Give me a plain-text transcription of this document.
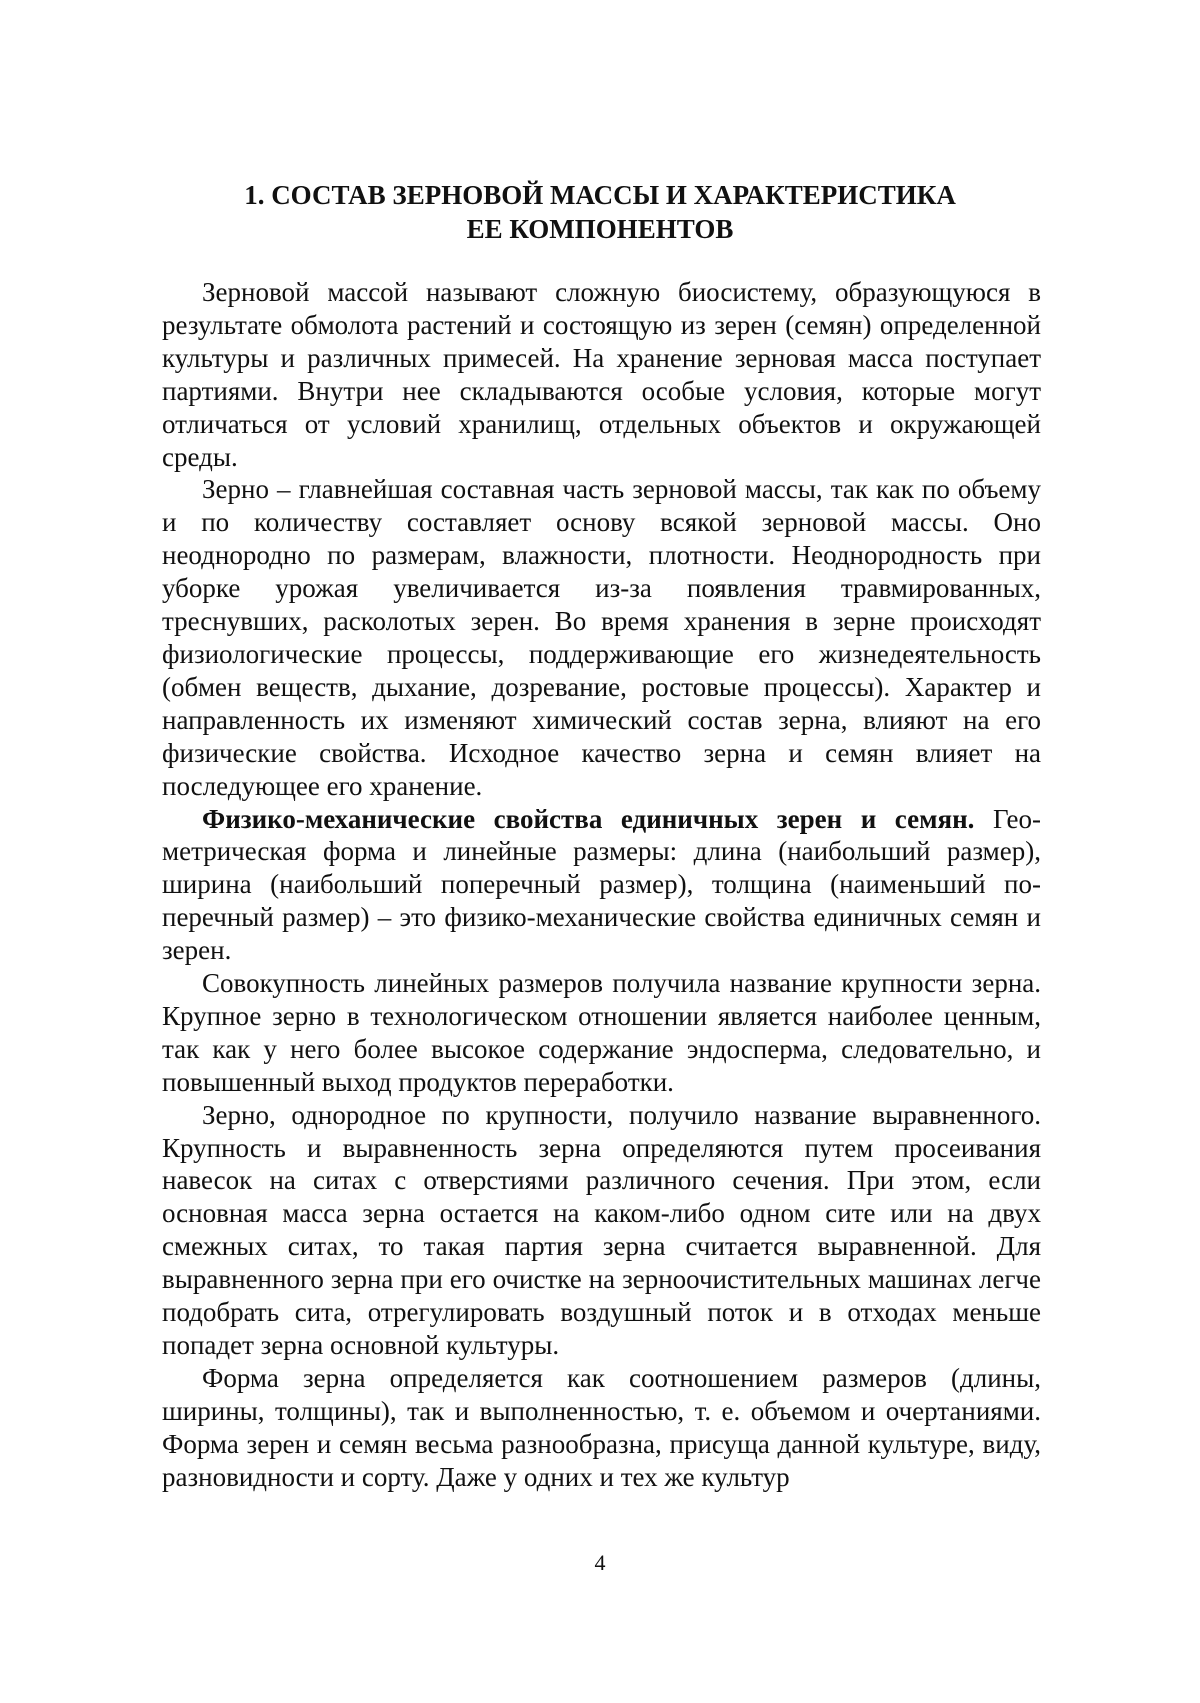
1. СОСТАВ ЗЕРНОВОЙ МАССЫ И ХАРАКТЕРИСТИКА
ЕЕ КОМПОНЕНТОВ

Зерновой массой называют сложную биосистему, образующуюся в результате обмолота растений и состоящую из зерен (семян) определенной культуры и различных примесей. На хранение зерновая масса поступает партиями. Внутри нее складываются особые условия, которые могут отличаться от условий хранилищ, отдельных объектов и окружающей среды.

Зерно – главнейшая составная часть зерновой массы, так как по объему и по количеству составляет основу всякой зерновой массы. Оно неоднородно по размерам, влажности, плотности. Неоднородность при уборке урожая увеличивается из-за появления травмированных, треснувших, расколотых зерен. Во время хранения в зерне происходят физиологические процессы, поддерживающие его жизнедеятельность (обмен веществ, дыхание, дозревание, ростовые процессы). Характер и направленность их изменяют химический состав зерна, влияют на его физические свойства. Исходное качество зерна и семян влияет на последующее его хранение.

Физико-механические свойства единичных зерен и семян. Геометрическая форма и линейные размеры: длина (наибольший размер), ширина (наибольший поперечный размер), толщина (наименьший поперечный размер) – это физико-механические свойства единичных семян и зерен.

Совокупность линейных размеров получила название крупности зерна. Крупное зерно в технологическом отношении является наиболее ценным, так как у него более высокое содержание эндосперма, следовательно, и повышенный выход продуктов переработки.

Зерно, однородное по крупности, получило название выравненного. Крупность и выравненность зерна определяются путем просеивания навесок на ситах с отверстиями различного сечения. При этом, если основная масса зерна остается на каком-либо одном сите или на двух смежных ситах, то такая партия зерна считается выравненной. Для выравненного зерна при его очистке на зерноочистительных машинах легче подобрать сита, отрегулировать воздушный поток и в отходах меньше попадет зерна основной культуры.

Форма зерна определяется как соотношением размеров (длины, ширины, толщины), так и выполненностью, т. е. объемом и очертаниями. Форма зерен и семян весьма разнообразна, присуща данной культуре, виду, разновидности и сорту. Даже у одних и тех же культур

4
